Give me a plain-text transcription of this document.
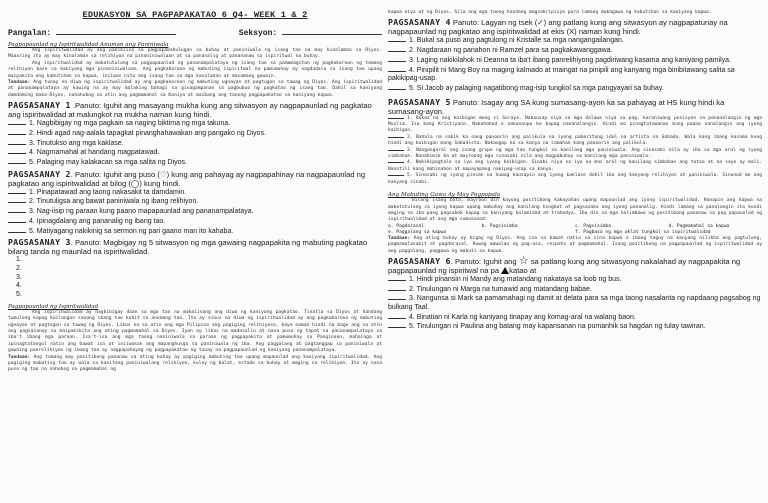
EDUKASYON SA PAGPAPAKATAO 6 Q4- WEEK 1 & 2
Pangalan:	Seksyon:
Pagpapaunlad ng Ispiritwalidad Anuman ang Paniniwala

Ang ispiritwalidad ay ang pakikiisa sa pagpapakahulugan sa buhay at paniniwala ng isang tao na may kinalaman sa Diyos. Maaaring ito ay may kinalaman sa relihiyon na pinaniniwalaan at sa pananalig at panananaw sa ispiritwal na buhay.

Ang ispiritwalidad ay makatutulong sa pagpapaunlad ng pananampalataya ng isang tao sa pamamagitan ng pagkakaroon ng tamang relihiyon base sa kaniyang mga pinaniniwalaan. Ang pagkakaroon ng mabuting ispiritwal na pamumuhay ay nagdadala sa isang tao upang maipakita ang kabutihan sa kapwa, iniiwas nito ang isang tao sa mga kasalanan at masamang gawain.

Tandaan: Ang tunay na diwa ng ispiritwalidad ay ang pagkakaroon ng mabuting ugnayan at pagtugon sa tawag ng Diyos. Ang ispiritwalidad at pananampalataya ay kawing na ay may malaking bahagi sa ginagampanan sa pagbubuo ng pagkatao ng isang tao. Dahil sa kaniyang damdaming maka-Diyos, nahahubog sa atin ang pagmamahal sa Kaniya at maibang ang tanong pagpapakatao sa kaniyang kapwa.

PAGSASANAY 1 .Panuto: Iguhit ang masayang mukha kung ang sitwasyon ay nagpapaunlad ng pagkatao ang ispiritwalidad at malungkot na mukha naman kung hindi.
1. Nagbibigay ng mga pagkain sa naging biktima ng mga takuna.
2. Hindi agad nag-aalala tapagkat pinanghahawakan ang pangako ng Diyos.
3. Tinutukso ang mga kaklase.
4. Nagmamahal at handang magpatawad.
5. Palaging may kalakacan sa mga salita ng Diyos.
PAGSASANAY 2. Panuto: Iguhit ang puso (♡) kung ang pahayag ay nagpapahinay na nagpapaunlad ng pagkatao ang ispiritwalidad at bilog (◯) kung hindi.
1. Pinapatawad ang taong nakasakit ta damdamin.
2. Tinutuligsa ang bawat paniniwala ng ibang relihiyon.
3. Nag-iisip ng paraan kung paano mapapaunlad ang pananampalataya.
4. Ipinagdalang ang pananalig ng ibang tao.
5. Matiyagang nakikinig sa sermon ng pari gaano man ito kahaba.
PAGSASANAY 3. Panuto: Magbigay ng 5 sitwasyon ng mga gawaing nagpapakita ng mabuting pagkatao bilang tanda ng maunlad na ispiritwalidad.
1.
2.
3.
4.
5.
Pagpapaunlad ng Ispiritwalidad

Ang ispiritwalidad ay nagbibigay daan sa mga tao na makaiisang ang diwa ng kaniyang pagkatao. Tinatla sa Diyos at handang tumulong kapag kailangan sanang ibang tao kahit sa anumang tao. Ito ay sinus na diwa ng ispiritwalidad ay ang pagkakaroon ng mabuting ugnayan at pagtugon sa tawag ng Diyos. Likas na sa atin ang mga Pilipino ang pagiging relihiyoso, kaya naman hindi na bago ang sa atin ang pagsasanay sa maipakikita ang ating pagmamahal sa Diyos. Iyan ay likas na madasalin at nasa puso ng tapat na pananampalataya sa iba't ibang mga paraan. Isa't-isa ang mga taong naniniwala sa paraan ng pagpapakita at pamumuhay sa Panginoon, mahalaga at ipinagtatangol natin ang bawat isa at iniiwasan ang mapanghusga sa paniniwala ng iba. Ang paggalang at pagtanggap sa paniniwala at gawaing panrelihiyon ng ibang tao ay nagpapahayag ng pagpapakatao ng tunay na pagpapaunlad ng kaniyang pananampalataya.

Tandaan: Ang tamang may positibong pananaw sa ating buhay ay pagiging mabuting tao upang mapaunlad ang kaniyang ispiritwalidad. Ang pagiging mabuting tao ay wala sa kanitang paniniwalang relihiyon, kulay ng balat, estado sa buhay at maging sa relihiyon. Ito ay nasa puso ng tao na nahubog sa pagmamahal ng

kapwa niya at ng Diyos. Sila ang mga taong handang magsakripisyo para lamang makagawa ng kabutihan sa kaniyang kapwa.

PAGSASANAY 4 Panuto: Lagyan ng tsek (✓) ang patlang kung ang sitwasyon ay nagpapatunay na nagpapaunlad ng pagkatao ang ispiritwalidad at ekis (X) naman kung hindi.
1. Bukal sa puso ang pagtulong ni Kristalle sa mga nangangailangan.
2. Nagdaraan ng panahon ni Ramzel para sa pagkakawanggawa.
3. Laging nakikilahok ni Deanna ta iba't ibang panrelihiyong pagdiriwang kasama ang kaniyang pamilya.
4. Pinipilit ni Mang Boy na maging kalmado at maingat na pinipili ang kanyang mga binibitawang salita sa pakikipag-usap.
5. Si Jacob ay palaging nagatibong mag-isip tungkol sa mga pangyayari sa buhay.
PAGSASANAY 5 Panuto: Isagay ang SA kung sumasang-ayon ka sa pahayag at HS kung hindi ka sumasang-ayon.

1. Bukas na ang kaibigan mong si Soraya. Nakausap siya sa mga dalawa niya sa pag, karaniwang posisyon sa pananalangin ng mga Muslim. Isa kang Kristiyano. Nakahahod o nakanaupo ka kapag nananalangin. Hindi mo pinagtatawanan kung paano nanalangin ang iyong kaibigan.

2. Bahala na sabik ka nang panoorin ang palikula na iyong paboritong idol na artista sa Sabado. Wala kang ibang kasama kung hindi ang kaibigan mong Sabadista. Nakaugop ka sa kanya na samahan kang panoorin ang palikula.

3. Nangangaral ang isang grupo ng mga tao tungkol sa kanilang mga paniniwala. Ang sinasabi nila ay iba sa mga aral ng iyong simbahan. Nanahimik ka at mayroong mga sinasabi nila ang magpabuhay sa kanilang mga paniniwala.

4. Nakikipagtalo sa iyo ang iyong kaibigan. Sinabi niya sa iyo na mas aral ng kanilang simbahan ang totoo at na sayo ay mali. Nanatili kang mahinahon at mapayapang nakipag-usap sa kanya.

5. Sinasabi ng iyong pinsan na huwag kausapin ang iyong kaklase dahil iba ang kanyang relihiyon at paniniwala. Sinunod mo ang kanyang sinabi.

Ang Mabuting Gawa Ay May Pagpapala

Bilang isang bata, mayroon din kayong positibong kakayahan upang mapaunlad ang iyong ispiritwalidad. Hanapin ang kapwa na makatutulong sa iyong kapwa upang mabuhay ang kanilang hingkot at pagsasaka ang iyong pananalig. Hindi lamang sa panalangin ito kundi maging sa iba pang pagsubok kapag sa kaniyang kalamidad at trahedya. Iba din sa mga halimbawa ng positibong pananaw sa pag papaunlad ng ispiritwalidad at ang mga sumusunod:

a. Pagdarasal	b. Pagsisimba	c. Pagsisimba	d. Pagmamahal sa kapwa
e. Paggalang sa kapwa	f. Pagbasa ng mga aklat tungkol sa ispiritwalidad

Tandaan: Ang ating buhay ay bigay ng Diyos. Ang isa sa bawat natin sa sina kapwa o ibang taguy na kanyang nilikha ang pagtulong, pagmamalasakit at pagdarasal. Huwag mawalan ng pag-asa, respeto at pagmamahal. Isang positibong na pagpapaunlad ng ispiritwalidad ay ang paggalang, paggawa ng mabuti sa kapwa.

PAGSASANAY 6. Panuto: Iguhit ang ☆ sa patlang kung ang sitwasyong nakalahad ay nagpapakita ng pagpapaunlad ng ispiritwal na pa katao at
1. Hindi pinansin ni Mandy ang matandang nakataya sa loob ng bus.
2. Tinulungan ni Marga na tumawid ang matandang babae.
3. Nangunsa si Mark sa pamamahagi ng damit at delata para sa mga taong nasalanta ng napdaang pagsabog ng bulkang Taal.
4. Binatian ni Karla ng kaniyang tinapay ang komag-aral na walang baon.
5. Tinulungan ni Paulina ang batang may kapansanan na pumanhik sa hagdan ng tulay tawiran.
